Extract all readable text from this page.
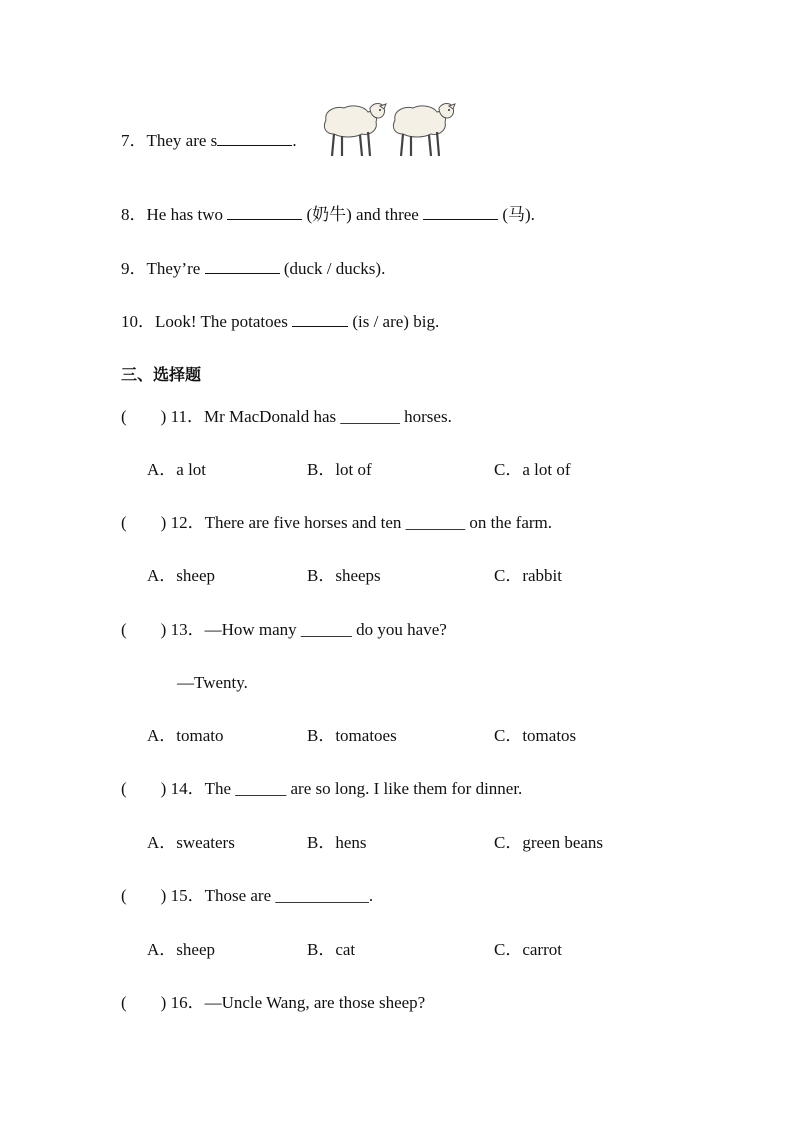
7．They are s	.
8．He has two	(奶牛) and three	(马).
9．They’re	(duck / ducks).
10．Look! The potatoes	(is / are) big.
三、选择题
(        ) 11．Mr MacDonald has _______ horses.
A．a lot	B．lot of	C．a lot of
(        ) 12．There are five horses and ten _______ on the farm.
A．sheep	B．sheeps	C．rabbit
(        ) 13．—How many ______ do you have?
—Twenty.
A．tomato	B．tomatoes	C．tomatos
(        ) 14．The ______ are so long. I like them for dinner.
A．sweaters	B．hens	C．green beans
(        ) 15．Those are ___________.
A．sheep	B．cat	C．carrot
(        ) 16．—Uncle Wang, are those sheep?
